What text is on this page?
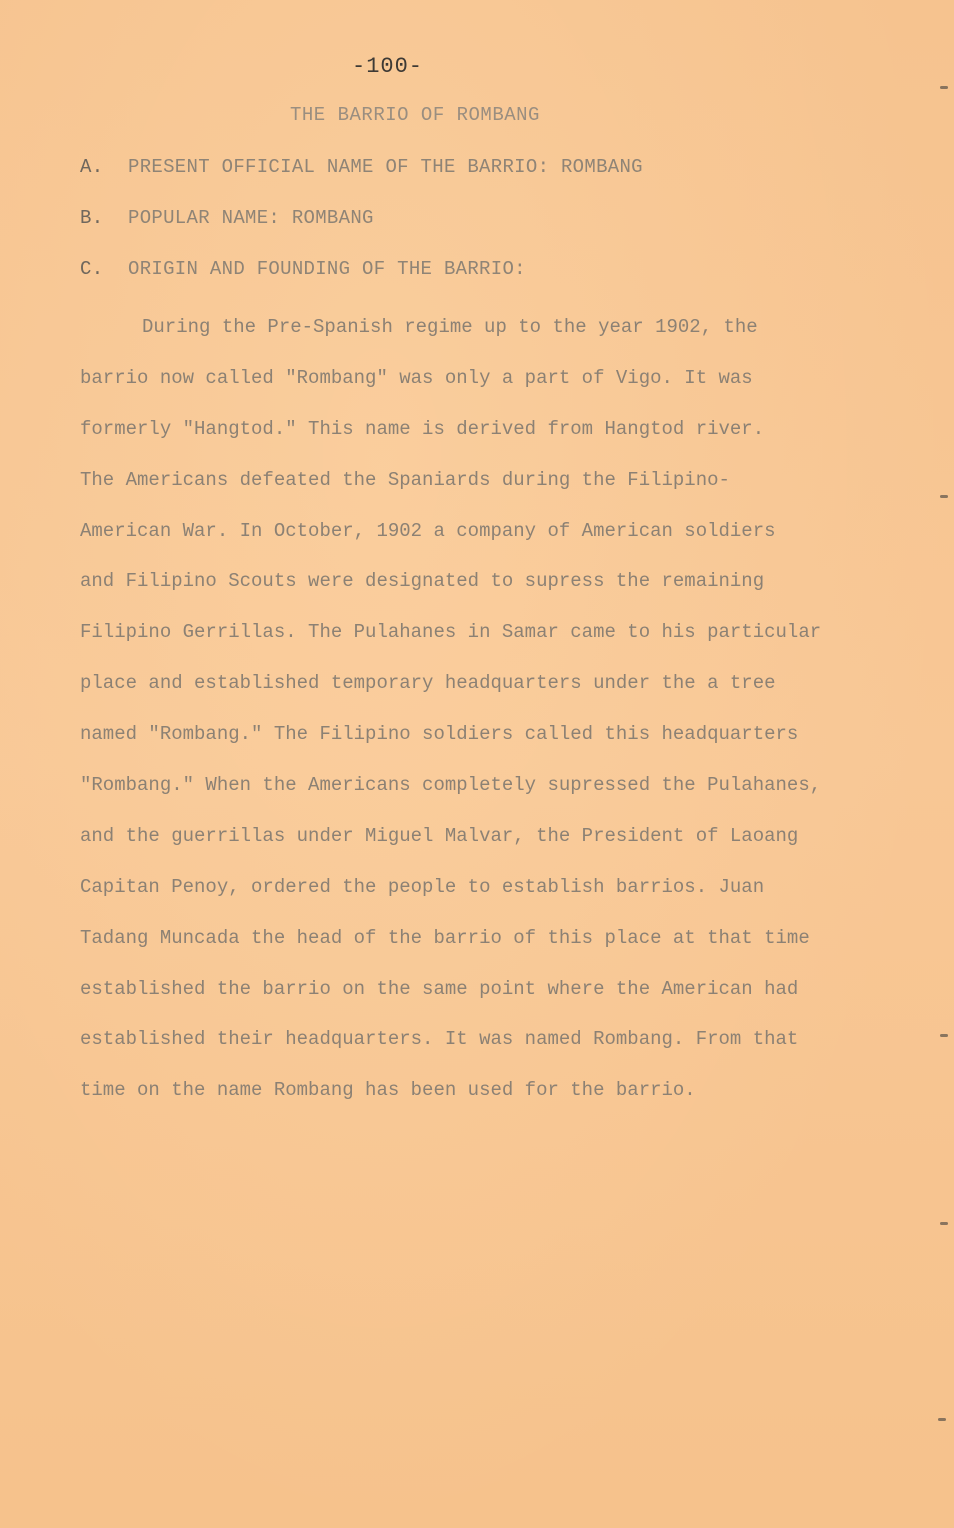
-100-
THE BARRIO OF ROMBANG
A. PRESENT OFFICIAL NAME OF THE BARRIO: ROMBANG
B. POPULAR NAME: ROMBANG
C. ORIGIN AND FOUNDING OF THE BARRIO:
During the Pre-Spanish regime up to the year 1902, the
barrio now called "Rombang" was only a part of Vigo. It was
formerly "Hangtod." This name is derived from Hangtod river.
The Americans defeated the Spaniards during the Filipino-
American War. In October, 1902 a company of American soldiers
and Filipino Scouts were designated to supress the remaining
Filipino Gerrillas. The Pulahanes in Samar came to his particular
place and established temporary headquarters under the a tree
named "Rombang." The Filipino soldiers called this headquarters
"Rombang." When the Americans completely supressed the Pulahanes,
and the guerrillas under Miguel Malvar, the President of Laoang
Capitan Penoy, ordered the people to establish barrios. Juan
Tadang Muncada the head of the barrio of this place at that time
established the barrio on the same point where the American had
established their headquarters. It was named Rombang. From that
time on the name Rombang has been used for the barrio.
